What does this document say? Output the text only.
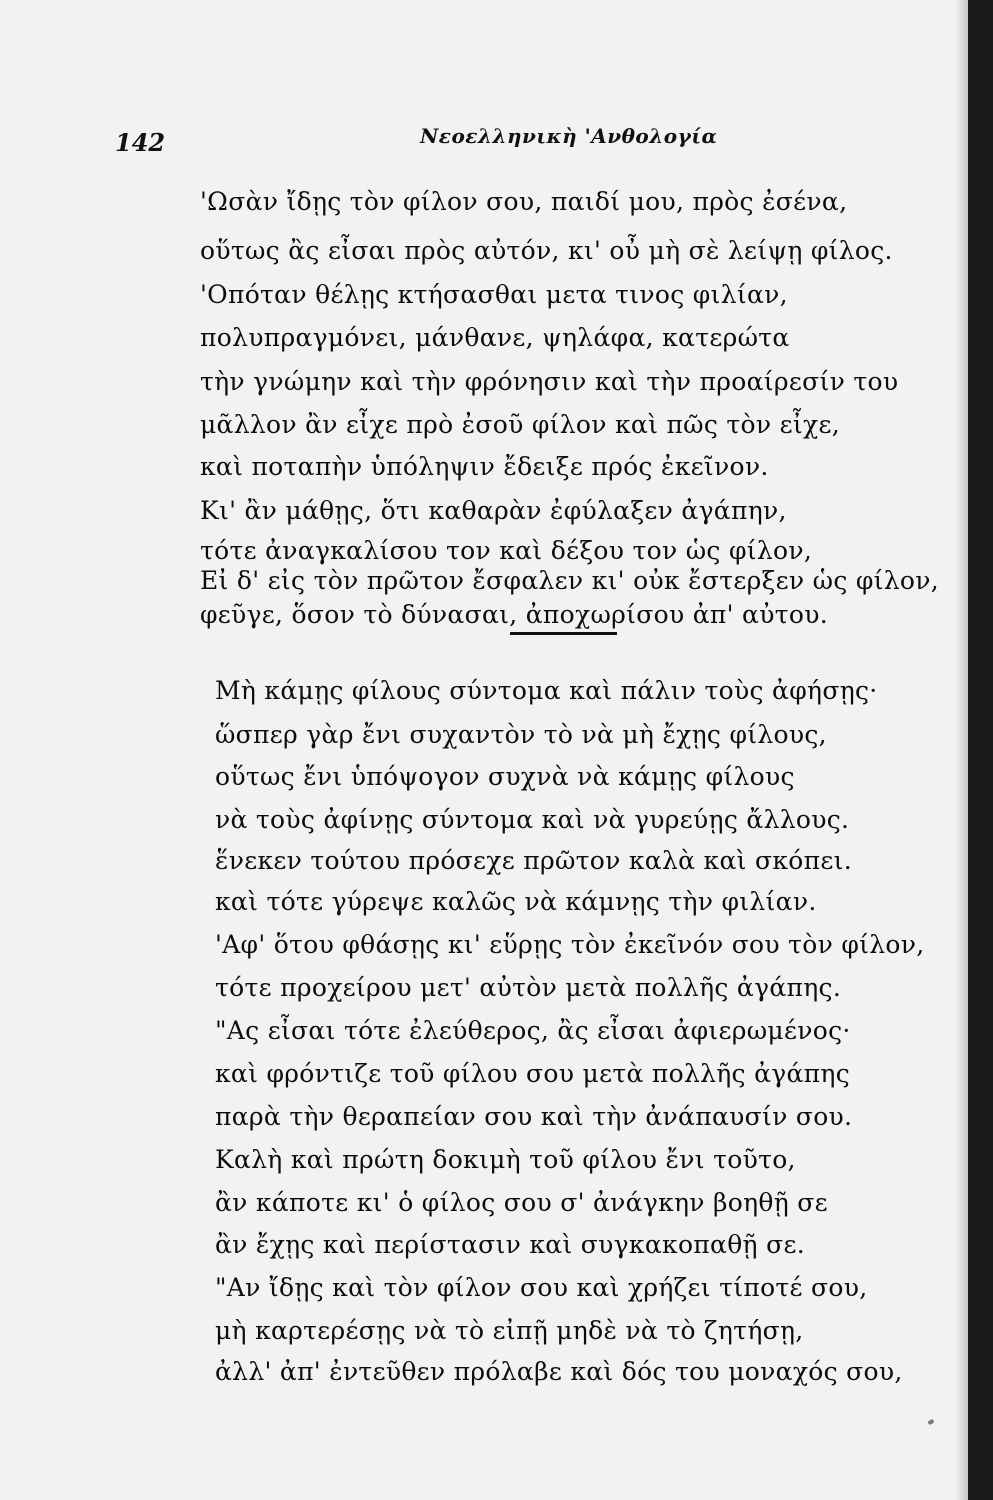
142	Νεοελληνικὴ 'Ανθολογία
'Ωσὰν ἴδῃς τὸν φίλον σου, παιδί μου, πρὸς ἐσένα,
οὕτως ἂς εἶσαι πρὸς αὐτόν, κι' οὖ μὴ σὲ λείψῃ φίλος.
'Οπόταν θέλῃς κτήσασθαι μετα τινος φιλίαν,
πολυπραγμόνει, μάνθανε, ψηλάφα, κατερώτα
τὴν γνώμην καὶ τὴν φρόνησιν καὶ τὴν προαίρεσίν του
μᾶλλον ἂν εἶχε πρὸ ἐσοῦ φίλον καὶ πῶς τὸν εἶχε,
καὶ ποταπὴν ὑπόληψιν ἔδειξε πρός ἐκεῖνον.
Κι' ἂν μάθῃς, ὅτι καθαρὰν ἐφύλαξεν ἀγάπην,
τότε ἀναγκαλίσου τον καὶ δέξου τον ὡς φίλον,
Εἰ δ' εἰς τὸν πρῶτον ἔσφαλεν κι' οὐκ ἔστερξεν ὡς φίλον,
φεῦγε, ὅσον τὸ δύνασαι, ἀποχωρίσου ἀπ' αὐτου.
Μὴ κάμῃς φίλους σύντομα καὶ πάλιν τοὺς ἀφήσῃς·
ὥσπερ γὰρ ἔνι συχαντὸν τὸ νὰ μὴ ἔχῃς φίλους,
οὕτως ἔνι ὑπόψογον συχνὰ νὰ κάμῃς φίλους
νὰ τοὺς ἀφίνῃς σύντομα καὶ νὰ γυρεύῃς ἄλλους.
ἕνεκεν τούτου πρόσεχε πρῶτον καλὰ καὶ σκόπει.
καὶ τότε γύρεψε καλῶς νὰ κάμνῃς τὴν φιλίαν.
'Αφ' ὅτου φθάσῃς κι' εὕρῃς τὸν ἐκεῖνόν σου τὸν φίλον,
τότε προχείρου μετ' αὐτὸν μετὰ πολλῆς ἀγάπης.
"Ας εἶσαι τότε ἐλεύθερος, ἂς εἶσαι ἀφιερωμένος·
καὶ φρόντιζε τοῦ φίλου σου μετὰ πολλῆς ἀγάπης
παρὰ τὴν θεραπείαν σου καὶ τὴν ἀνάπαυσίν σου.
Καλὴ καὶ πρώτη δοκιμὴ τοῦ φίλου ἔνι τοῦτο,
ἂν κάποτε κι' ὁ φίλος σου σ' ἀνάγκην βοηθῇ σε
ἂν ἔχῃς καὶ περίστασιν καὶ συγκακοπαθῇ σε.
"Αν ἴδῃς καὶ τὸν φίλον σου καὶ χρήζει τίποτέ σου,
μὴ καρτερέσῃς νὰ τὸ εἰπῇ μηδὲ νὰ τὸ ζητήσῃ,
ἀλλ' ἀπ' ἐντεῦθεν πρόλαβε καὶ δός του μοναχός σου,
